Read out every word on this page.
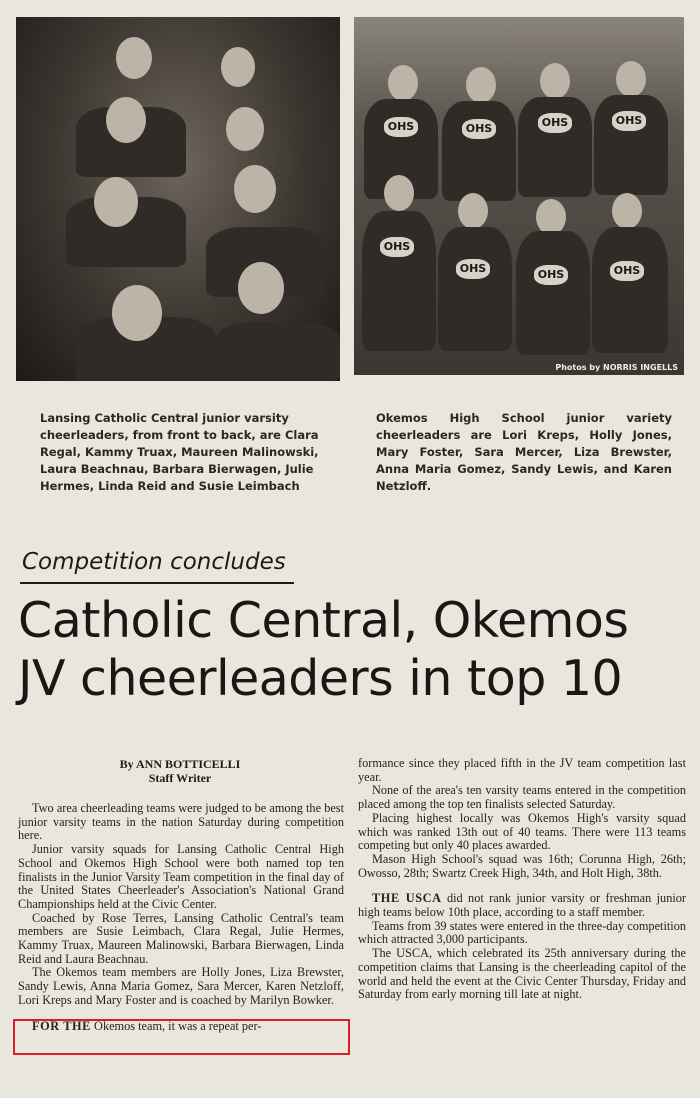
OHS	OHS	OHS	OHS
OHS
OHS	OHS	OHS
Photos by NORRIS INGELLS
Lansing Catholic Central junior varsity cheerleaders, from front to back, are Clara Regal, Kammy Truax, Maureen Malinowski, Laura Beachnau, Barbara Bierwagen, Julie Hermes, Linda Reid and Susie Leimbach
Okemos High School junior variety cheerleaders are Lori Kreps, Holly Jones, Mary Foster, Sara Mercer, Liza Brewster, Anna Maria Gomez, Sandy Lewis, and Karen Netzloff.
Competition concludes
Catholic Central, Okemos
JV cheerleaders in top 10
By ANN BOTTICELLI
Staff Writer

Two area cheerleading teams were judged to be among the best junior varsity teams in the nation Saturday during competition here.

Junior varsity squads for Lansing Catholic Central High School and Okemos High School were both named top ten finalists in the Junior Varsity Team competition in the final day of the United States Cheerleader's Association's National Grand Championships held at the Civic Center.

Coached by Rose Terres, Lansing Catholic Central's team members are Susie Leimbach, Clara Regal, Julie Hermes, Kammy Truax, Maureen Malinowski, Barbara Bierwagen, Linda Reid and Laura Beachnau.

The Okemos team members are Holly Jones, Liza Brewster, Sandy Lewis, Anna Maria Gomez, Sara Mercer, Karen Netzloff, Lori Kreps and Mary Foster and is coached by Marilyn Bowker.

FOR THE Okemos team, it was a repeat per-

formance since they placed fifth in the JV team competition last year.

None of the area's ten varsity teams entered in the competition placed among the top ten finalists selected Saturday.

Placing highest locally was Okemos High's varsity squad which was ranked 13th out of 40 teams. There were 113 teams competing but only 40 places awarded.

Mason High School's squad was 16th; Corunna High, 26th; Owosso, 28th; Swartz Creek High, 34th, and Holt High, 38th.

THE USCA did not rank junior varsity or freshman junior high teams below 10th place, according to a staff member.

Teams from 39 states were entered in the three-day competition which attracted 3,000 participants.

The USCA, which celebrated its 25th anniversary during the competition claims that Lansing is the cheerleading capitol of the world and held the event at the Civic Center Thursday, Friday and Saturday from early morning till late at night.
